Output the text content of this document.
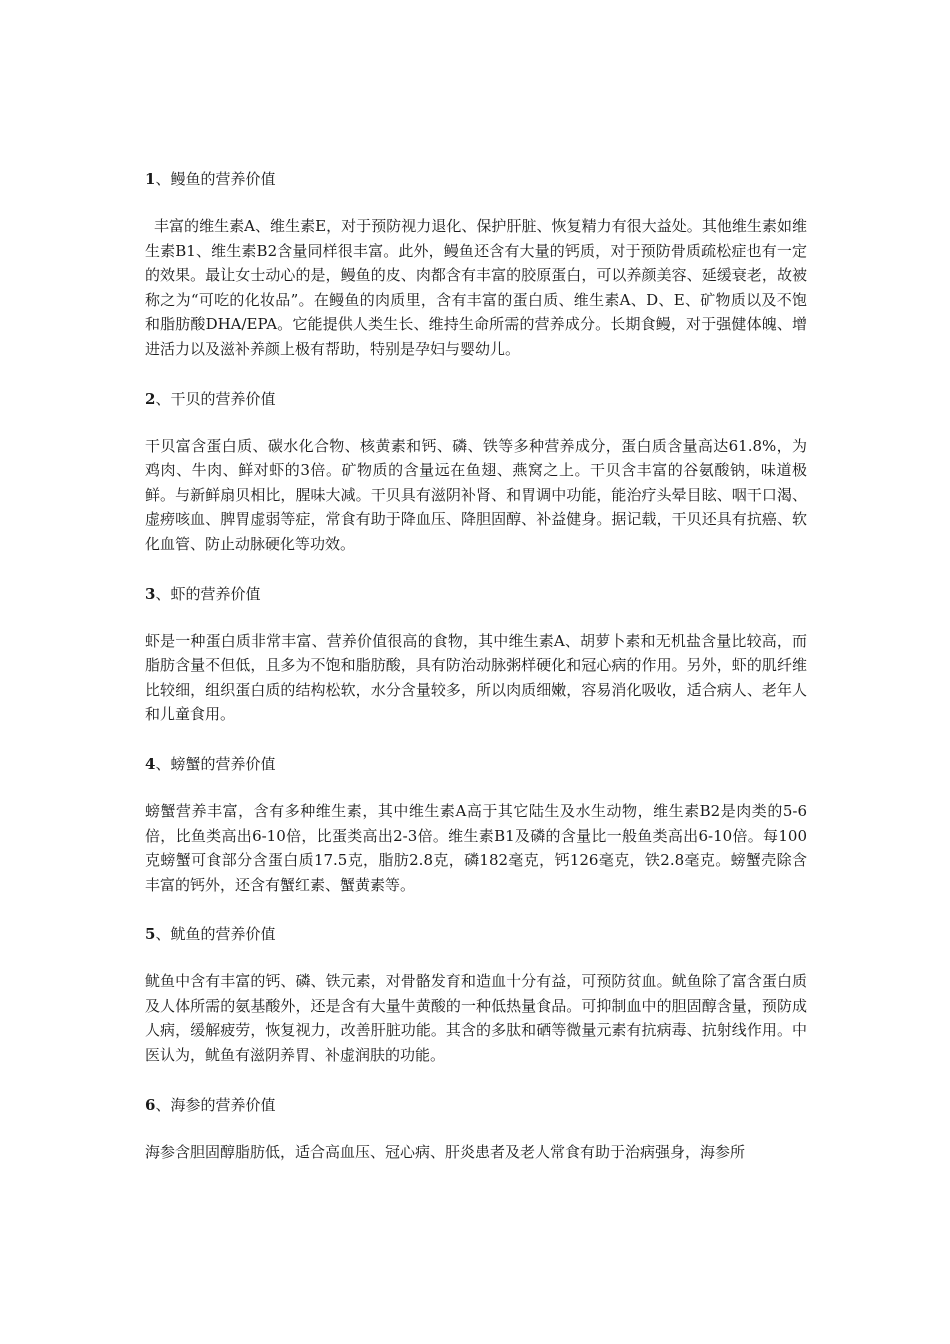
1、鳗鱼的营养价值

丰富的维生素A、维生素E，对于预防视力退化、保护肝脏、恢复精力有很大益处。其他维生素如维生素B1、维生素B2含量同样很丰富。此外，鳗鱼还含有大量的钙质，对于预防骨质疏松症也有一定的效果。最让女士动心的是，鳗鱼的皮、肉都含有丰富的胶原蛋白，可以养颜美容、延缓衰老，故被称之为“可吃的化妆品”。在鳗鱼的肉质里，含有丰富的蛋白质、维生素A、D、E、矿物质以及不饱和脂肪酸DHA/EPA。它能提供人类生长、维持生命所需的营养成分。长期食鳗，对于强健体魄、增进活力以及滋补养颜上极有帮助，特别是孕妇与婴幼儿。

2、干贝的营养价值

干贝富含蛋白质、碳水化合物、核黄素和钙、磷、铁等多种营养成分，蛋白质含量高达61.8%，为鸡肉、牛肉、鲜对虾的3倍。矿物质的含量远在鱼翅、燕窝之上。干贝含丰富的谷氨酸钠，味道极鲜。与新鲜扇贝相比，腥味大减。干贝具有滋阴补肾、和胃调中功能，能治疗头晕目眩、咽干口渴、虚痨咳血、脾胃虚弱等症，常食有助于降血压、降胆固醇、补益健身。据记载，干贝还具有抗癌、软化血管、防止动脉硬化等功效。

3、虾的营养价值

虾是一种蛋白质非常丰富、营养价值很高的食物，其中维生素A、胡萝卜素和无机盐含量比较高，而脂肪含量不但低，且多为不饱和脂肪酸，具有防治动脉粥样硬化和冠心病的作用。另外，虾的肌纤维比较细，组织蛋白质的结构松软，水分含量较多，所以肉质细嫩，容易消化吸收，适合病人、老年人和儿童食用。

4、螃蟹的营养价值

螃蟹营养丰富，含有多种维生素，其中维生素A高于其它陆生及水生动物，维生素B2是肉类的5-6倍，比鱼类高出6-10倍，比蛋类高出2-3倍。维生素B1及磷的含量比一般鱼类高出6-10倍。每100克螃蟹可食部分含蛋白质17.5克，脂肪2.8克，磷182毫克，钙126毫克，铁2.8毫克。螃蟹壳除含丰富的钙外，还含有蟹红素、蟹黄素等。

5、鱿鱼的营养价值

鱿鱼中含有丰富的钙、磷、铁元素，对骨骼发育和造血十分有益，可预防贫血。鱿鱼除了富含蛋白质及人体所需的氨基酸外，还是含有大量牛黄酸的一种低热量食品。可抑制血中的胆固醇含量，预防成人病，缓解疲劳，恢复视力，改善肝脏功能。其含的多肽和硒等微量元素有抗病毒、抗射线作用。中医认为，鱿鱼有滋阴养胃、补虚润肤的功能。

6、海参的营养价值

海参含胆固醇脂肪低，适合高血压、冠心病、肝炎患者及老人常食有助于治病强身，海参所
